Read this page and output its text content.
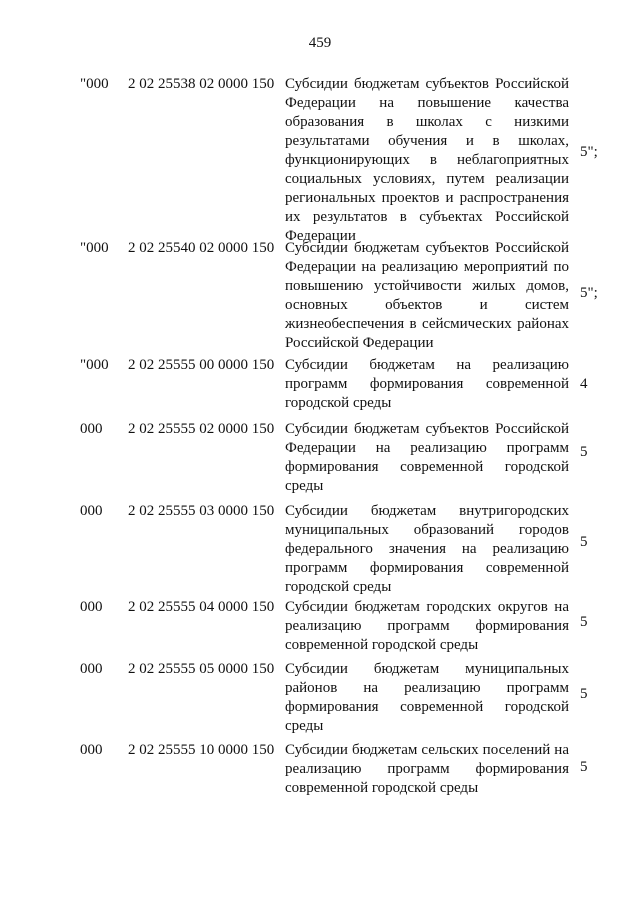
459
"000 2 02 25538 02 0000 150 Субсидии бюджетам субъектов Российской Федерации на повышение качества образования в школах с низкими результатами обучения и в школах, функционирующих в неблагоприятных социальных условиях, путем реализации региональных проектов и распространения их результатов в субъектах Российской Федерации
5";
"000 2 02 25540 02 0000 150 Субсидии бюджетам субъектов Российской Федерации на реализацию мероприятий по повышению устойчивости жилых домов, основных объектов и систем жизнеобеспечения в сейсмических районах Российской Федерации
5";
"000 2 02 25555 00 0000 150 Субсидии бюджетам на реализацию программ формирования современной городской среды
4
000 2 02 25555 02 0000 150 Субсидии бюджетам субъектов Российской Федерации на реализацию программ формирования современной городской среды
5
000 2 02 25555 03 0000 150 Субсидии бюджетам внутригородских муниципальных образований городов федерального значения на реализацию программ формирования современной городской среды
5
000 2 02 25555 04 0000 150 Субсидии бюджетам городских округов на реализацию программ формирования современной городской среды
5
000 2 02 25555 05 0000 150 Субсидии бюджетам муниципальных районов на реализацию программ формирования современной городской среды
5
000 2 02 25555 10 0000 150 Субсидии бюджетам сельских поселений на реализацию программ формирования современной городской среды
5
